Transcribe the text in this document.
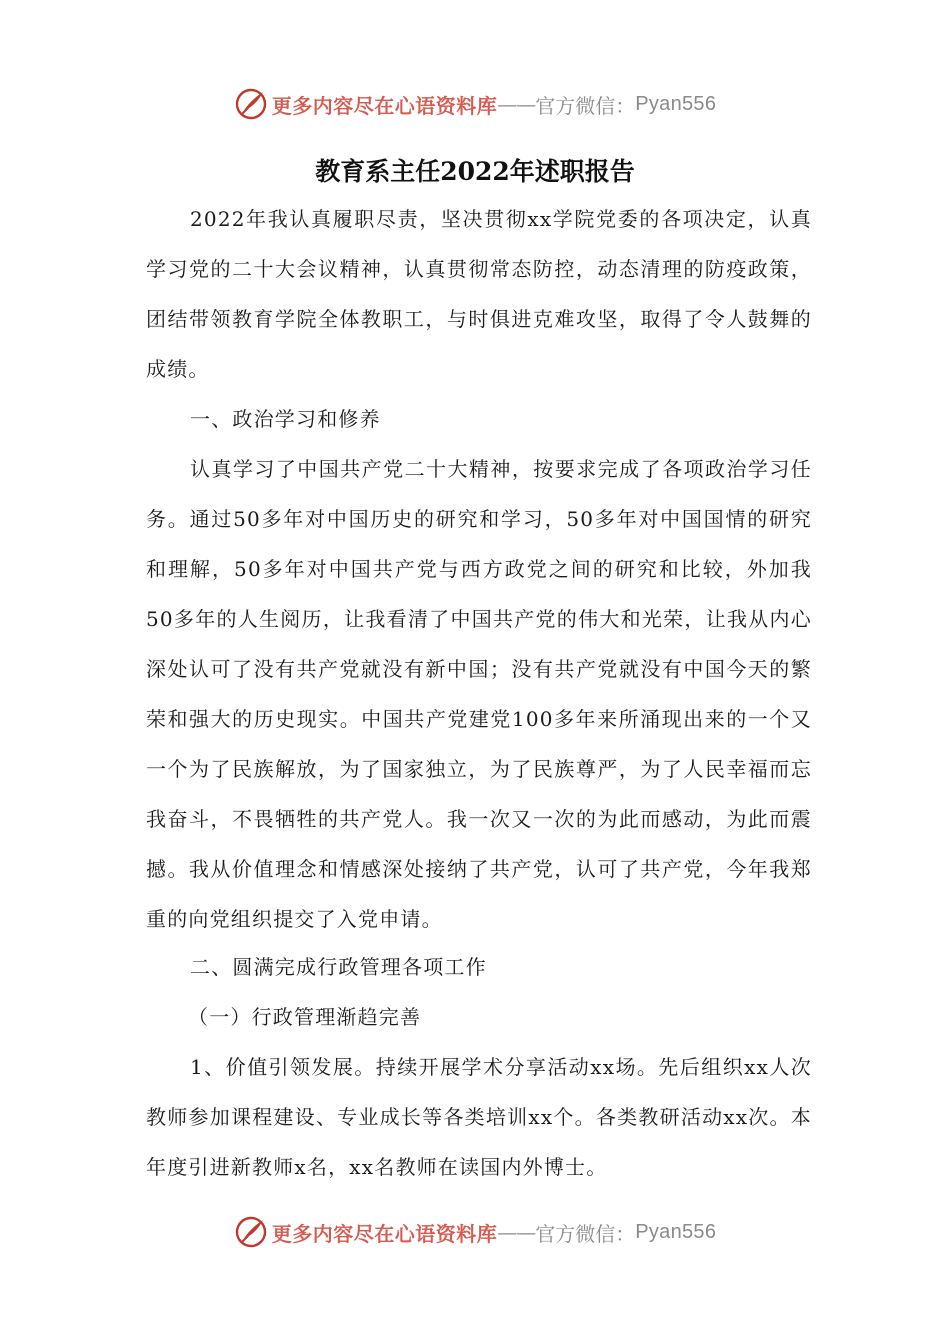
更多内容尽在心语资料库 —— 官方微信： Pyan556
教育系主任2022年述职报告

2022年我认真履职尽责，坚决贯彻xx学院党委的各项决定，认真学习党的二十大会议精神，认真贯彻常态防控，动态清理的防疫政策，团结带领教育学院全体教职工，与时俱进克难攻坚，取得了令人鼓舞的成绩。

一、政治学习和修养

认真学习了中国共产党二十大精神，按要求完成了各项政治学习任务。通过50多年对中国历史的研究和学习，50多年对中国国情的研究和理解，50多年对中国共产党与西方政党之间的研究和比较，外加我50多年的人生阅历，让我看清了中国共产党的伟大和光荣，让我从内心深处认可了没有共产党就没有新中国；没有共产党就没有中国今天的繁荣和强大的历史现实。中国共产党建党100多年来所涌现出来的一个又一个为了民族解放，为了国家独立，为了民族尊严，为了人民幸福而忘我奋斗，不畏牺牲的共产党人。我一次又一次的为此而感动，为此而震撼。我从价值理念和情感深处接纳了共产党，认可了共产党，今年我郑重的向党组织提交了入党申请。

二、圆满完成行政管理各项工作

（一）行政管理渐趋完善

1、价值引领发展。持续开展学术分享活动xx场。先后组织xx人次教师参加课程建设、专业成长等各类培训xx个。各类教研活动xx次。本年度引进新教师x名，xx名教师在读国内外博士。

更多内容尽在心语资料库 —— 官方微信： Pyan556
